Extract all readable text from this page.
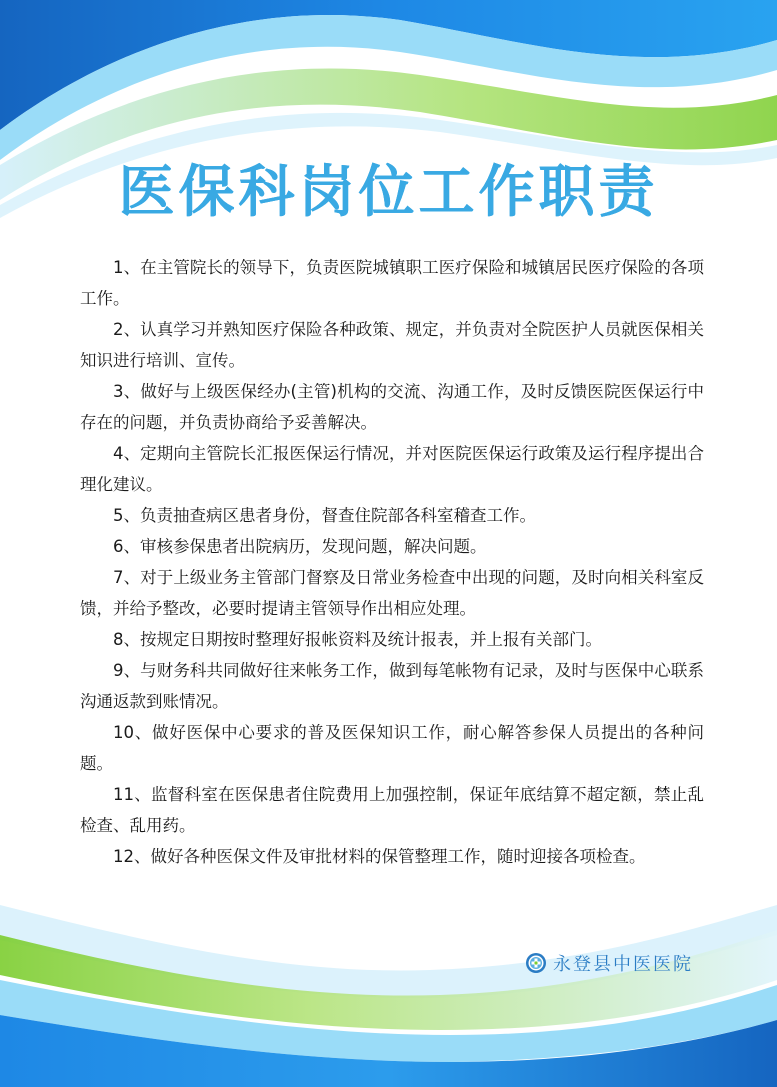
医保科岗位工作职责

1、在主管院长的领导下，负责医院城镇职工医疗保险和城镇居民医疗保险的各项工作。

2、认真学习并熟知医疗保险各种政策、规定，并负责对全院医护人员就医保相关知识进行培训、宣传。

3、做好与上级医保经办(主管)机构的交流、沟通工作，及时反馈医院医保运行中存在的问题，并负责协商给予妥善解决。

4、定期向主管院长汇报医保运行情况，并对医院医保运行政策及运行程序提出合理化建议。

5、负责抽查病区患者身份，督查住院部各科室稽查工作。

6、审核参保患者出院病历，发现问题，解决问题。

7、对于上级业务主管部门督察及日常业务检查中出现的问题，及时向相关科室反馈，并给予整改，必要时提请主管领导作出相应处理。

8、按规定日期按时整理好报帐资料及统计报表，并上报有关部门。

9、与财务科共同做好往来帐务工作，做到每笔帐物有记录，及时与医保中心联系沟通返款到账情况。

10、做好医保中心要求的普及医保知识工作，耐心解答参保人员提出的各种问题。

11、监督科室在医保患者住院费用上加强控制，保证年底结算不超定额，禁止乱检查、乱用药。

12、做好各种医保文件及审批材料的保管整理工作，随时迎接各项检查。

永登县中医医院
